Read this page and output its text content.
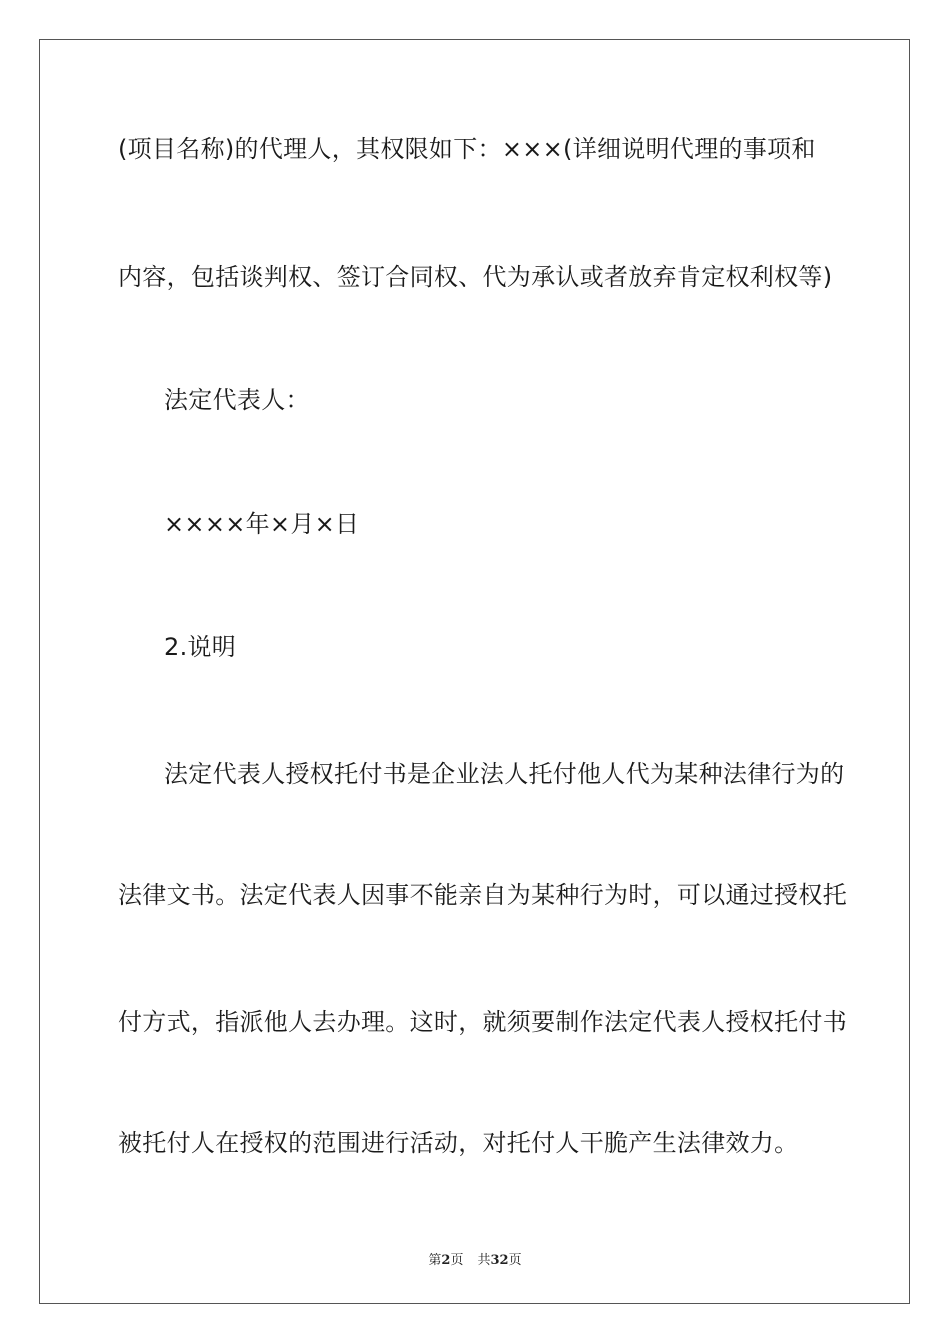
(项目名称)的代理人，其权限如下：×××(详细说明代理的事项和
内容，包括谈判权、签订合同权、代为承认或者放弃肯定权利权等)
法定代表人：
××××年×月×日
2.说明
法定代表人授权托付书是企业法人托付他人代为某种法律行为的
法律文书。法定代表人因事不能亲自为某种行为时，可以通过授权托
付方式，指派他人去办理。这时，就须要制作法定代表人授权托付书
被托付人在授权的范围进行活动，对托付人干脆产生法律效力。
第2页 共32页
